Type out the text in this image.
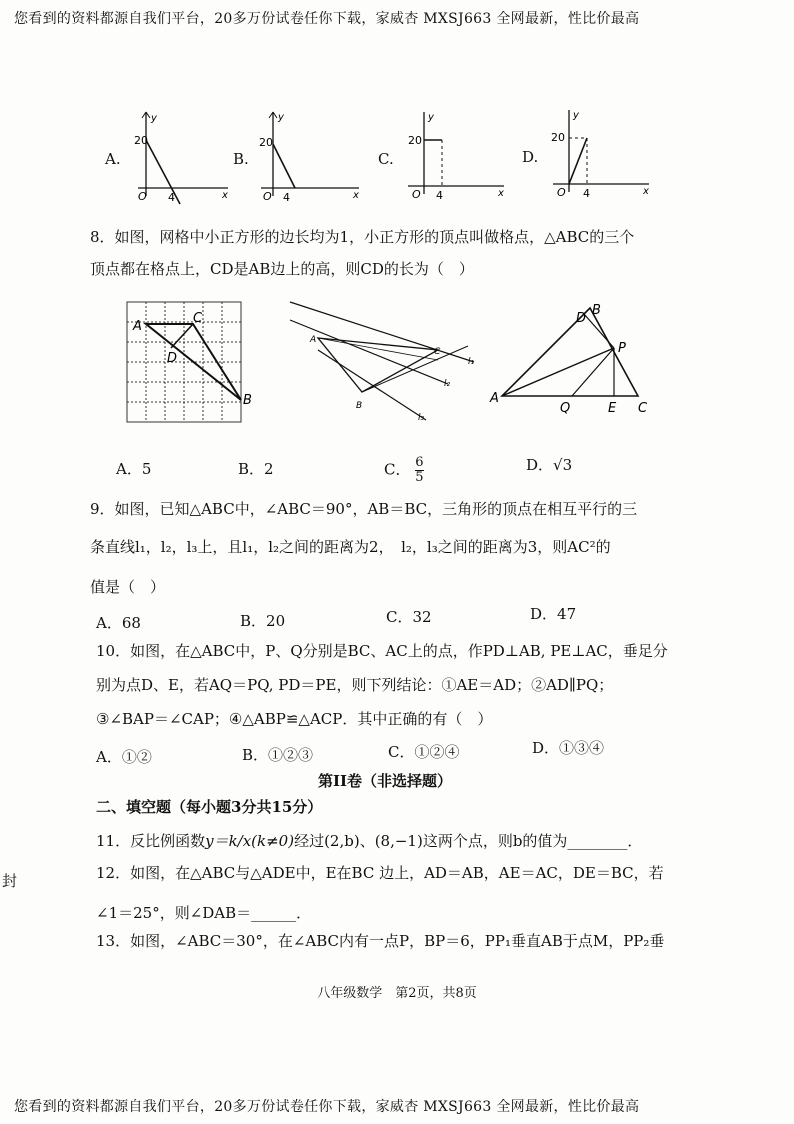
您看到的资料都源自我们平台，20多万份试卷任你下载，家威杏 MXSJ663 全网最新，性比价最高
A.
y
x
20
O 4
B.
y
x
20
O 4
C.
y
x
20
O 4
D.
y
x
20
O 4
8．如图，网格中小正方形的边长均为1，小正方形的顶点叫做格点，△ABC的三个
顶点都在格点上，CD是AB边上的高，则CD的长为（　）
A
C
D
B
A
C
B
l₁
l₂
l₃
D
B
P
A
Q	E C
A．5	B．2	C． $\frac{6}{5}$	D．√3
9．如图，已知△ABC中，∠ABC＝90°，AB＝BC，三角形的顶点在相互平行的三
条直线l₁，l₂，l₃上，且l₁，l₂之间的距离为2，　l₂，l₃之间的距离为3，则AC²的
值是（　）
A．68	B．20	C．32	D．47
10．如图，在△ABC中，P、Q分别是BC、AC上的点，作PD⊥AB, PE⊥AC，垂足分
别为点D、E，若AQ＝PQ, PD＝PE，则下列结论：①AE＝AD；②AD∥PQ；
③∠BAP＝∠CAP；④△ABP≌△ACP．其中正确的有（　）
A．①②	B．①②③	C．①②④	D．①③④
第II卷（非选择题）
二、填空题（每小题3分共15分）
11．反比例函数y＝k/x(k≠0)经过(2,b)、(8,−1)这两个点，则b的值为________．
封	12．如图，在△ABC与△ADE中，E在BC 边上，AD＝AB，AE＝AC，DE＝BC，若
∠1＝25°，则∠DAB＝______．
13．如图，∠ABC＝30°，在∠ABC内有一点P，BP＝6，PP₁垂直AB于点M，PP₂垂
八年级数学　第2页，共8页
您看到的资料都源自我们平台，20多万份试卷任你下载，家威杏 MXSJ663 全网最新，性比价最高
